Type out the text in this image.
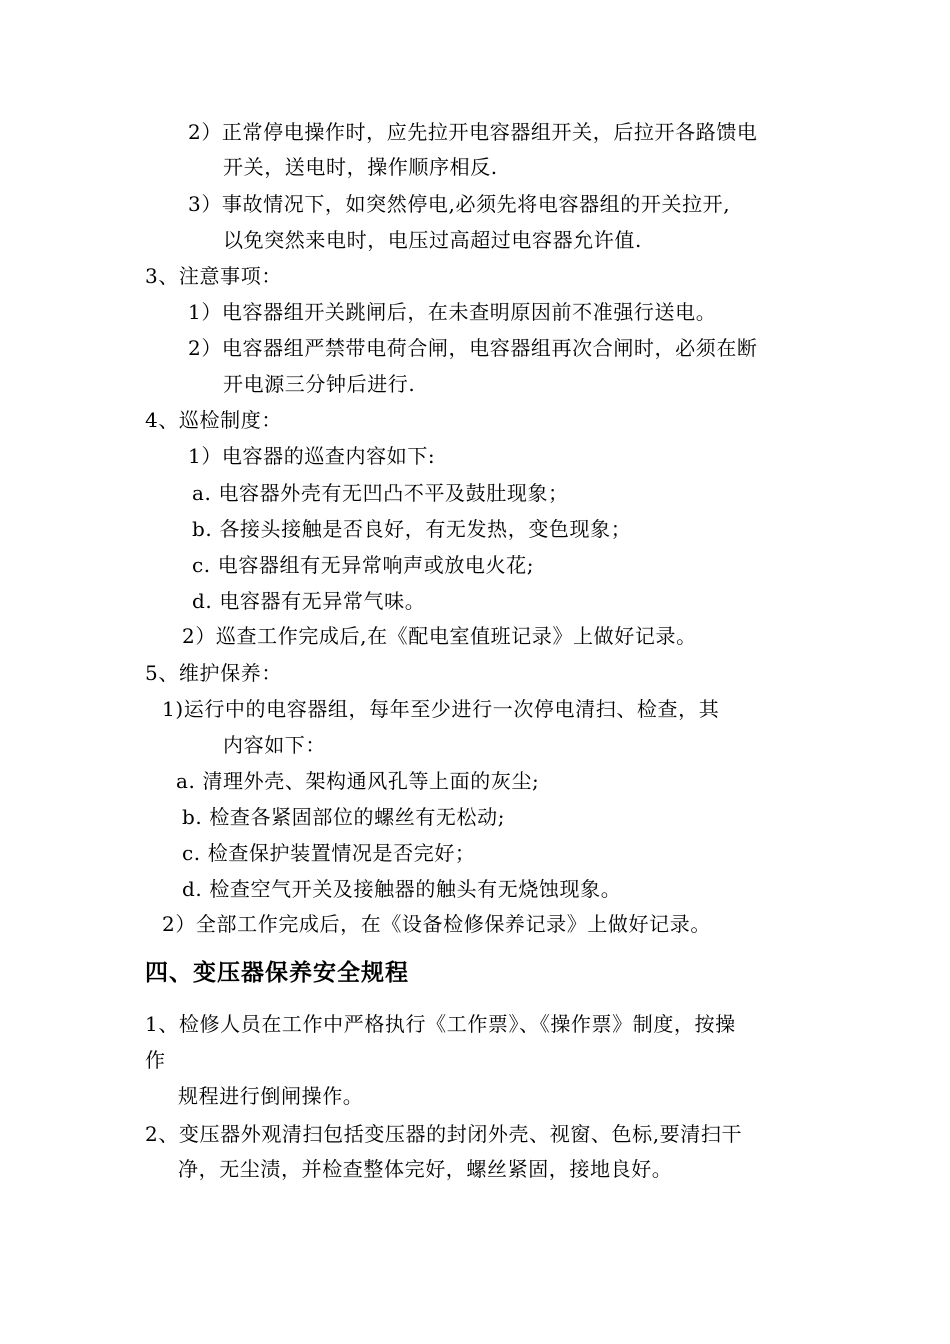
2）正常停电操作时，应先拉开电容器组开关，后拉开各路馈电
开关，送电时，操作顺序相反.
3）事故情况下，如突然停电,必须先将电容器组的开关拉开,
以免突然来电时，电压过高超过电容器允许值.
3、注意事项：
1）电容器组开关跳闸后，在未查明原因前不准强行送电。
2）电容器组严禁带电荷合闸，电容器组再次合闸时，必须在断
开电源三分钟后进行.
4、巡检制度：
1）电容器的巡查内容如下:
a. 电容器外壳有无凹凸不平及鼓肚现象；
b. 各接头接触是否良好，有无发热，变色现象；
c. 电容器组有无异常响声或放电火花;
d. 电容器有无异常气味。
2）巡查工作完成后,在《配电室值班记录》上做好记录。
5、维护保养：
1)运行中的电容器组，每年至少进行一次停电清扫、检查，其
内容如下：
a. 清理外壳、架构通风孔等上面的灰尘;
b. 检查各紧固部位的螺丝有无松动;
c. 检查保护装置情况是否完好；
d. 检查空气开关及接触器的触头有无烧蚀现象。
2）全部工作完成后，在《设备检修保养记录》上做好记录。
四、变压器保养安全规程
1、检修人员在工作中严格执行《工作票》、《操作票》制度，按操
作
规程进行倒闸操作。
2、变压器外观清扫包括变压器的封闭外壳、视窗、色标,要清扫干
净，无尘渍，并检查整体完好，螺丝紧固，接地良好。
